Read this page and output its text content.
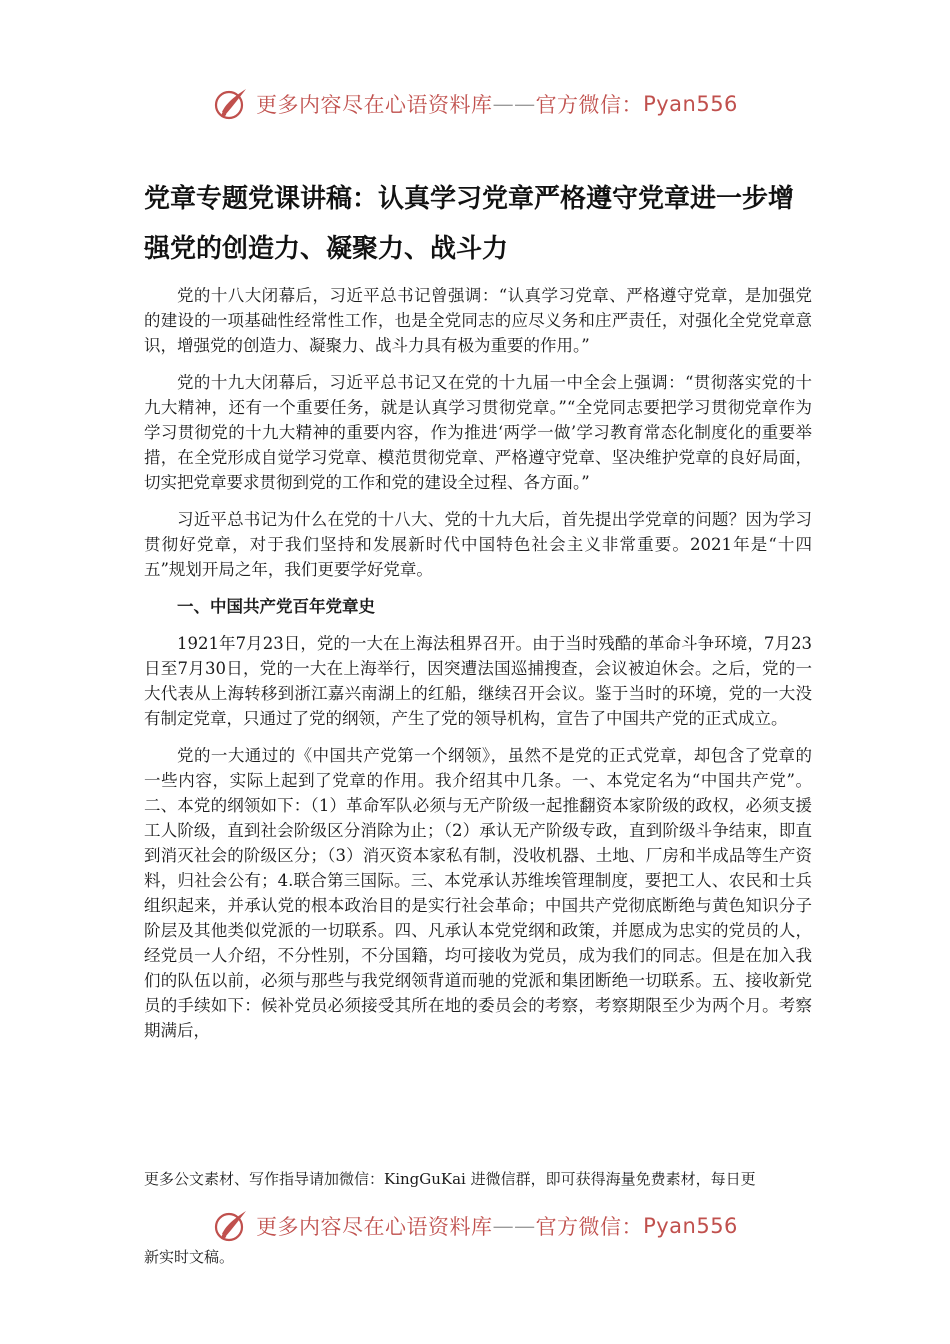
更多内容尽在心语资料库 —— 官方微信： Pyan556
党章专题党课讲稿：认真学习党章严格遵守党章进一步增强党的创造力、凝聚力、战斗力

党的十八大闭幕后，习近平总书记曾强调：“认真学习党章、严格遵守党章，是加强党的建设的一项基础性经常性工作，也是全党同志的应尽义务和庄严责任，对强化全党党章意识，增强党的创造力、凝聚力、战斗力具有极为重要的作用。”

党的十九大闭幕后，习近平总书记又在党的十九届一中全会上强调：“贯彻落实党的十九大精神，还有一个重要任务，就是认真学习贯彻党章。”“全党同志要把学习贯彻党章作为学习贯彻党的十九大精神的重要内容，作为推进‘两学一做’学习教育常态化制度化的重要举措，在全党形成自觉学习党章、模范贯彻党章、严格遵守党章、坚决维护党章的良好局面，切实把党章要求贯彻到党的工作和党的建设全过程、各方面。”

习近平总书记为什么在党的十八大、党的十九大后，首先提出学党章的问题？因为学习贯彻好党章，对于我们坚持和发展新时代中国特色社会主义非常重要。2021年是“十四五”规划开局之年，我们更要学好党章。

一、中国共产党百年党章史

1921年7月23日，党的一大在上海法租界召开。由于当时残酷的革命斗争环境，7月23日至7月30日，党的一大在上海举行，因突遭法国巡捕搜查，会议被迫休会。之后，党的一大代表从上海转移到浙江嘉兴南湖上的红船，继续召开会议。鉴于当时的环境，党的一大没有制定党章，只通过了党的纲领，产生了党的领导机构，宣告了中国共产党的正式成立。

党的一大通过的《中国共产党第一个纲领》，虽然不是党的正式党章，却包含了党章的一些内容，实际上起到了党章的作用。我介绍其中几条。一、本党定名为“中国共产党”。二、本党的纲领如下：（1）革命军队必须与无产阶级一起推翻资本家阶级的政权，必须支援工人阶级，直到社会阶级区分消除为止；（2）承认无产阶级专政，直到阶级斗争结束，即直到消灭社会的阶级区分；（3）消灭资本家私有制，没收机器、土地、厂房和半成品等生产资料，归社会公有；4.联合第三国际。三、本党承认苏维埃管理制度，要把工人、农民和士兵组织起来，并承认党的根本政治目的是实行社会革命；中国共产党彻底断绝与黄色知识分子阶层及其他类似党派的一切联系。四、凡承认本党党纲和政策，并愿成为忠实的党员的人，经党员一人介绍，不分性别，不分国籍，均可接收为党员，成为我们的同志。但是在加入我们的队伍以前，必须与那些与我党纲领背道而驰的党派和集团断绝一切联系。五、接收新党员的手续如下：候补党员必须接受其所在地的委员会的考察，考察期限至少为两个月。考察期满后，

更多公文素材、写作指导请加微信：KingGuKai 进微信群，即可获得海量免费素材，每日更
更多内容尽在心语资料库 —— 官方微信： Pyan556
新实时文稿。
